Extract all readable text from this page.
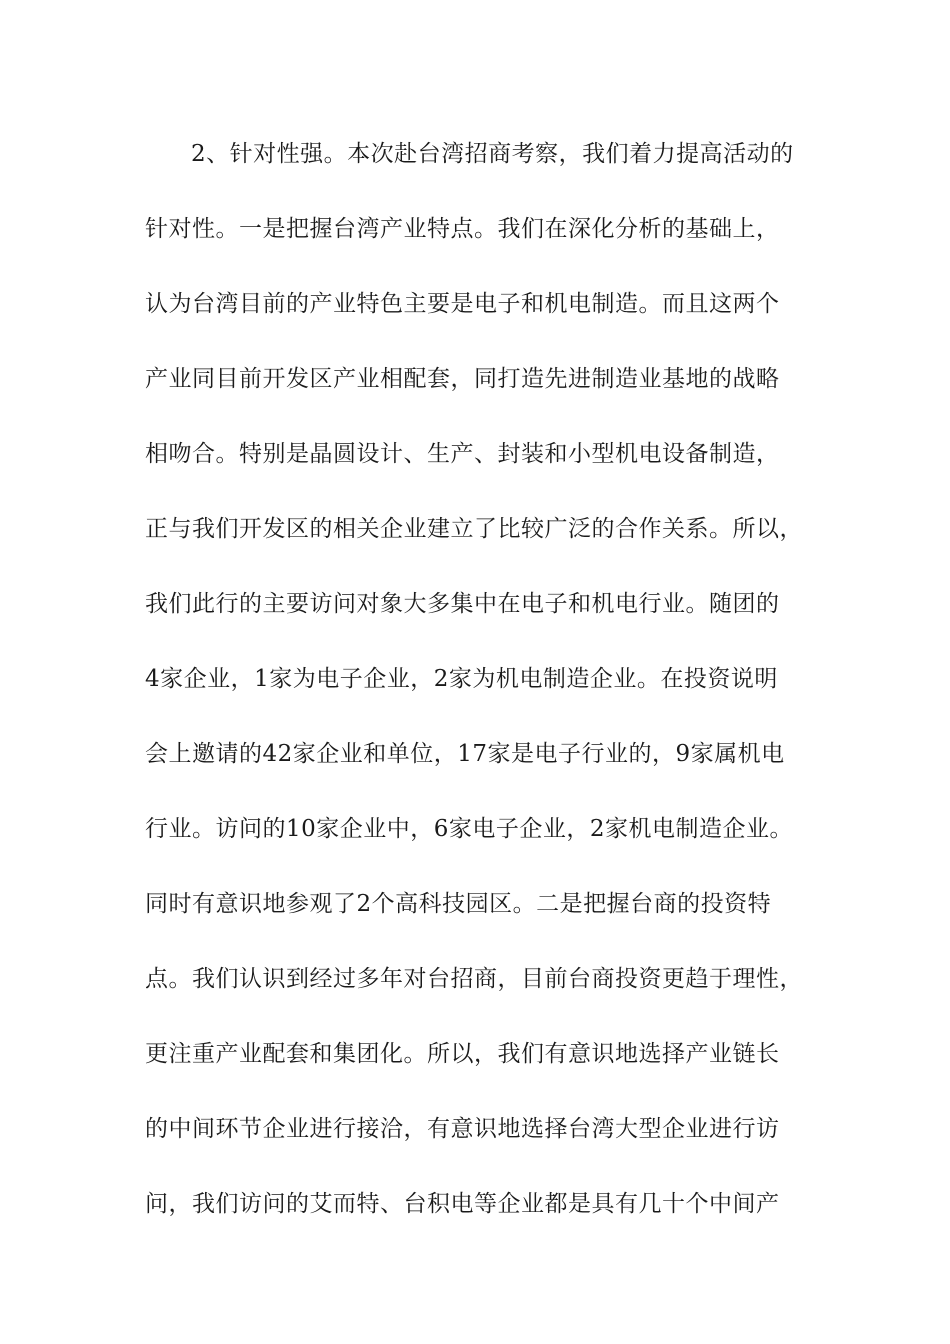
2、针对性强。本次赴台湾招商考察，我们着力提高活动的
针对性。一是把握台湾产业特点。我们在深化分析的基础上，
认为台湾目前的产业特色主要是电子和机电制造。而且这两个
产业同目前开发区产业相配套，同打造先进制造业基地的战略
相吻合。特别是晶圆设计、生产、封装和小型机电设备制造，
正与我们开发区的相关企业建立了比较广泛的合作关系。所以，
我们此行的主要访问对象大多集中在电子和机电行业。随团的
4家企业，1家为电子企业，2家为机电制造企业。在投资说明
会上邀请的42家企业和单位，17家是电子行业的，9家属机电
行业。访问的10家企业中，6家电子企业，2家机电制造企业。
同时有意识地参观了2个高科技园区。二是把握台商的投资特
点。我们认识到经过多年对台招商，目前台商投资更趋于理性，
更注重产业配套和集团化。所以，我们有意识地选择产业链长
的中间环节企业进行接洽，有意识地选择台湾大型企业进行访
问，我们访问的艾而特、台积电等企业都是具有几十个中间产
